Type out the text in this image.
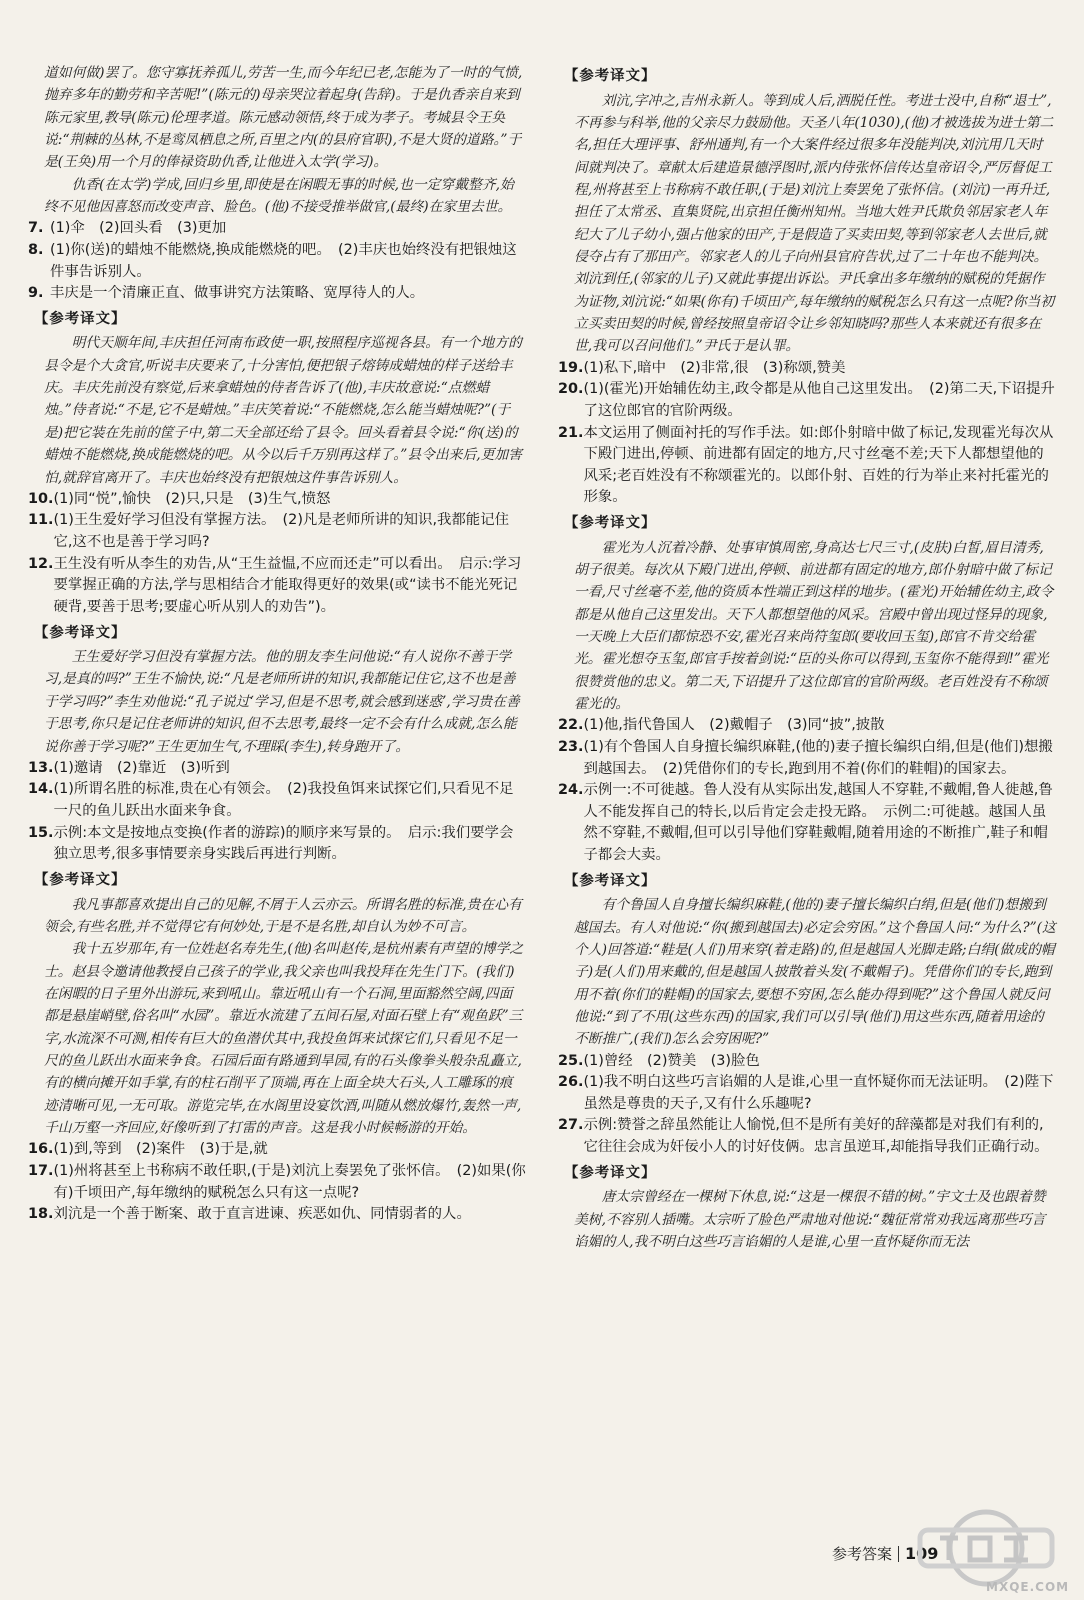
道如何做)罢了。您守寡抚养孤儿,劳苦一生,而今年纪已老,怎能为了一时的气愤,抛弃多年的勤劳和辛苦呢!”(陈元的)母亲哭泣着起身(告辞)。于是仇香亲自来到陈元家里,教导(陈元)伦理孝道。陈元感动领悟,终于成为孝子。考城县令王奂说:“荆棘的丛林,不是鸾凤栖息之所,百里之内(的县府官职),不是大贤的道路。”于是(王奂)用一个月的俸禄资助仇香,让他进入太学(学习)。

仇香(在太学)学成,回归乡里,即使是在闲暇无事的时候,也一定穿戴整齐,始终不见他因喜怒而改变声音、脸色。(他)不接受推举做官,(最终)在家里去世。

7. (1)伞　(2)回头看　(3)更加
8. (1)你(送)的蜡烛不能燃烧,换成能燃烧的吧。　(2)丰庆也始终没有把银烛这件事告诉别人。
9. 丰庆是一个清廉正直、做事讲究方法策略、宽厚待人的人。
【参考译文】

明代天顺年间,丰庆担任河南布政使一职,按照程序巡视各县。有一个地方的县令是个大贪官,听说丰庆要来了,十分害怕,便把银子熔铸成蜡烛的样子送给丰庆。丰庆先前没有察觉,后来拿蜡烛的侍者告诉了(他),丰庆故意说:“点燃蜡烛。”侍者说:“不是,它不是蜡烛。”丰庆笑着说:“不能燃烧,怎么能当蜡烛呢?”(于是)把它装在先前的筐子中,第二天全部还给了县令。回头看着县令说:“你(送)的蜡烛不能燃烧,换成能燃烧的吧。从今以后千万别再这样了。”县令出来后,更加害怕,就辞官离开了。丰庆也始终没有把银烛这件事告诉别人。

10. (1)同“悦”,愉快　(2)只,只是　(3)生气,愤怒
11. (1)王生爱好学习但没有掌握方法。　(2)凡是老师所讲的知识,我都能记住它,这不也是善于学习吗?
12. 王生没有听从李生的劝告,从“王生益愠,不应而还走”可以看出。　启示:学习要掌握正确的方法,学与思相结合才能取得更好的效果(或“读书不能光死记硬背,要善于思考;要虚心听从别人的劝告”)。
【参考译文】

王生爱好学习但没有掌握方法。他的朋友李生问他说:“有人说你不善于学习,是真的吗?”王生不愉快,说:“凡是老师所讲的知识,我都能记住它,这不也是善于学习吗?”李生劝他说:“孔子说过‘学习,但是不思考,就会感到迷惑’,学习贵在善于思考,你只是记住老师讲的知识,但不去思考,最终一定不会有什么成就,怎么能说你善于学习呢?”王生更加生气,不理睬(李生),转身跑开了。

13. (1)邀请　(2)靠近　(3)听到
14. (1)所谓名胜的标准,贵在心有领会。　(2)我投鱼饵来试探它们,只看见不足一尺的鱼儿跃出水面来争食。
15. 示例:本文是按地点变换(作者的游踪)的顺序来写景的。　启示:我们要学会独立思考,很多事情要亲身实践后再进行判断。
【参考译文】

我凡事都喜欢提出自己的见解,不屑于人云亦云。所谓名胜的标准,贵在心有领会,有些名胜,并不觉得它有何妙处,于是不是名胜,却自认为妙不可言。

我十五岁那年,有一位姓赵名寿先生,(他)名叫赵传,是杭州素有声望的博学之士。赵县令邀请他教授自己孩子的学业,我父亲也叫我投拜在先生门下。(我们)在闲暇的日子里外出游玩,来到吼山。靠近吼山有一个石洞,里面豁然空阔,四面都是悬崖峭壁,俗名叫“水园”。靠近水流建了五间石屋,对面石壁上有“观鱼跃”三字,水流深不可测,相传有巨大的鱼潜伏其中,我投鱼饵来试探它们,只看见不足一尺的鱼儿跃出水面来争食。石园后面有路通到旱园,有的石头像拳头般杂乱矗立,有的横向摊开如手掌,有的柱石削平了顶端,再在上面全块大石头,人工雕琢的痕迹清晰可见,一无可取。游览完毕,在水阁里设宴饮酒,叫随从燃放爆竹,轰然一声,千山万壑一齐回应,好像听到了打雷的声音。这是我小时候畅游的开始。

16. (1)到,等到　(2)案件　(3)于是,就
17. (1)州将甚至上书称病不敢任职,(于是)刘沆上奏罢免了张怀信。　(2)如果(你有)千顷田产,每年缴纳的赋税怎么只有这一点呢?
18. 刘沆是一个善于断案、敢于直言进谏、疾恶如仇、同情弱者的人。
【参考译文】

刘沆,字冲之,吉州永新人。等到成人后,洒脱任性。考进士没中,自称“退士”,不再参与科举,他的父亲尽力鼓励他。天圣八年(1030),(他)才被选拔为进士第二名,担任大理评事、舒州通判,有一个大案件经过很多年没能判决,刘沆用几天时间就判决了。章献太后建造景德浮图时,派内侍张怀信传达皇帝诏令,严厉督促工程,州将甚至上书称病不敢任职,(于是)刘沆上奏罢免了张怀信。(刘沆)一再升迁,担任了太常丞、直集贤院,出京担任衡州知州。当地大姓尹氏欺负邻居家老人年纪大了儿子幼小,强占他家的田产,于是假造了买卖田契,等到邻家老人去世后,就侵夺占有了那田产。邻家老人的儿子向州县官府告状,过了二十年也不能判决。刘沆到任,(邻家的儿子)又就此事提出诉讼。尹氏拿出多年缴纳的赋税的凭据作为证物,刘沆说:“如果(你有)千顷田产,每年缴纳的赋税怎么只有这一点呢?你当初立买卖田契的时候,曾经按照皇帝诏令让乡邻知晓吗?那些人本来就还有很多在世,我可以召问他们。”尹氏于是认罪。

19. (1)私下,暗中　(2)非常,很　(3)称颂,赞美
20. (1)(霍光)开始辅佐幼主,政令都是从他自己这里发出。　(2)第二天,下诏提升了这位郎官的官阶两级。
21. 本文运用了侧面衬托的写作手法。如:郎仆射暗中做了标记,发现霍光每次从下殿门进出,停顿、前进都有固定的地方,尺寸丝毫不差;天下人都想望他的风采;老百姓没有不称颂霍光的。以郎仆射、百姓的行为举止来衬托霍光的形象。
【参考译文】

霍光为人沉着冷静、处事审慎周密,身高达七尺三寸,(皮肤)白皙,眉目清秀,胡子很美。每次从下殿门进出,停顿、前进都有固定的地方,郎仆射暗中做了标记一看,尺寸丝毫不差,他的资质本性端正到这样的地步。(霍光)开始辅佐幼主,政令都是从他自己这里发出。天下人都想望他的风采。宫殿中曾出现过怪异的现象,一天晚上大臣们都惊恐不安,霍光召来尚符玺郎(要收回玉玺),郎官不肯交给霍光。霍光想夺玉玺,郎官手按着剑说:“臣的头你可以得到,玉玺你不能得到!”霍光很赞赏他的忠义。第二天,下诏提升了这位郎官的官阶两级。老百姓没有不称颂霍光的。

22. (1)他,指代鲁国人　(2)戴帽子　(3)同“披”,披散
23. (1)有个鲁国人自身擅长编织麻鞋,(他的)妻子擅长编织白绢,但是(他们)想搬到越国去。　(2)凭借你们的专长,跑到用不着(你们的鞋帽)的国家去。
24. 示例一:不可徙越。鲁人没有从实际出发,越国人不穿鞋,不戴帽,鲁人徙越,鲁人不能发挥自己的特长,以后肯定会走投无路。　示例二:可徙越。越国人虽然不穿鞋,不戴帽,但可以引导他们穿鞋戴帽,随着用途的不断推广,鞋子和帽子都会大卖。
【参考译文】

有个鲁国人自身擅长编织麻鞋,(他的)妻子擅长编织白绢,但是(他们)想搬到越国去。有人对他说:“你(搬到越国去)必定会穷困。”这个鲁国人问:“为什么?”(这个人)回答道:“鞋是(人们)用来穿(着走路)的,但是越国人光脚走路;白绢(做成的帽子)是(人们)用来戴的,但是越国人披散着头发(不戴帽子)。凭借你们的专长,跑到用不着(你们的鞋帽)的国家去,要想不穷困,怎么能办得到呢?”这个鲁国人就反问他说:“到了不用(这些东西)的国家,我们可以引导(他们)用这些东西,随着用途的不断推广,(我们)怎么会穷困呢?”

25. (1)曾经　(2)赞美　(3)脸色
26. (1)我不明白这些巧言谄媚的人是谁,心里一直怀疑你而无法证明。　(2)陛下虽然是尊贵的天子,又有什么乐趣呢?
27. 示例:赞誉之辞虽然能让人愉悦,但不是所有美好的辞藻都是对我们有利的,它往往会成为奸佞小人的讨好伎俩。忠言虽逆耳,却能指导我们正确行动。
【参考译文】

唐太宗曾经在一棵树下休息,说:“这是一棵很不错的树。”宇文士及也跟着赞美树,不容别人插嘴。太宗听了脸色严肃地对他说:“魏征常常劝我远离那些巧言谄媚的人,我不明白这些巧言谄媚的人是谁,心里一直怀疑你而无法

参考答案 109
MXQE.COM
